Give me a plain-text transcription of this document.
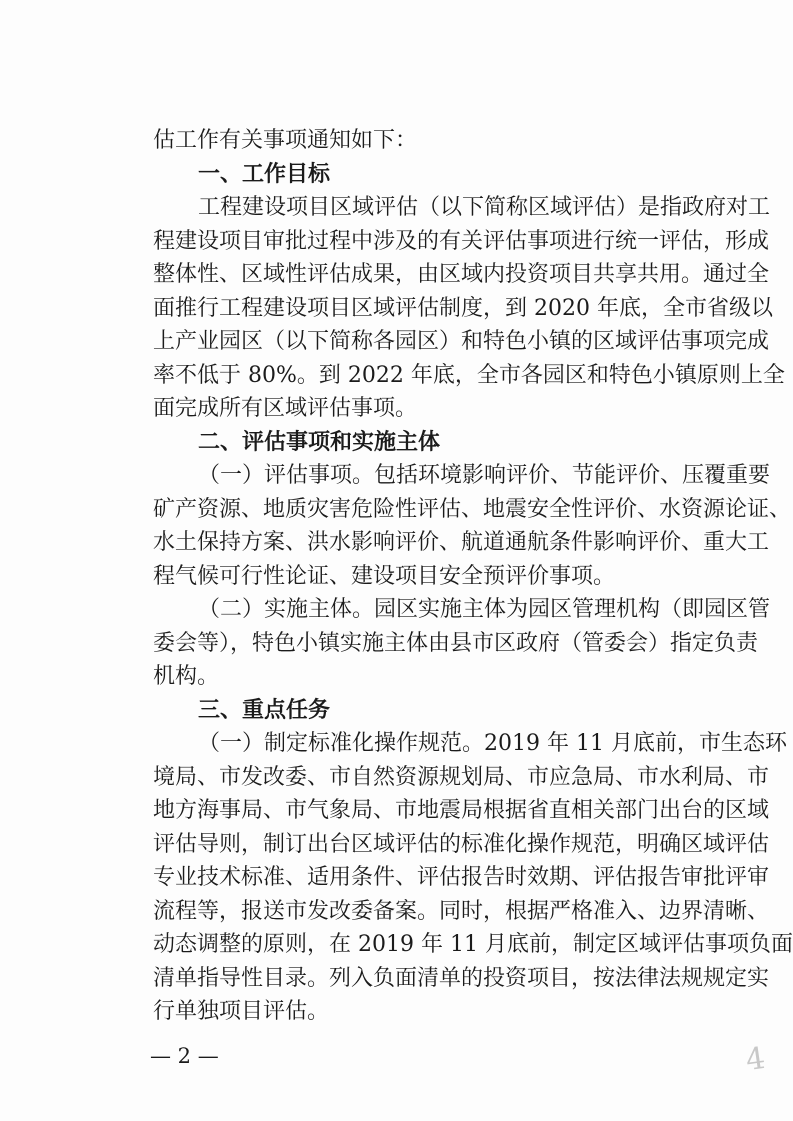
估工作有关事项通知如下：
一、工作目标
工程建设项目区域评估（以下简称区域评估）是指政府对工
程建设项目审批过程中涉及的有关评估事项进行统一评估，形成
整体性、区域性评估成果，由区域内投资项目共享共用。通过全
面推行工程建设项目区域评估制度，到 2020 年底，全市省级以
上产业园区（以下简称各园区）和特色小镇的区域评估事项完成
率不低于 80%。到 2022 年底，全市各园区和特色小镇原则上全
面完成所有区域评估事项。
二、评估事项和实施主体
（一）评估事项。包括环境影响评价、节能评价、压覆重要
矿产资源、地质灾害危险性评估、地震安全性评价、水资源论证、
水土保持方案、洪水影响评价、航道通航条件影响评价、重大工
程气候可行性论证、建设项目安全预评价事项。
（二）实施主体。园区实施主体为园区管理机构（即园区管
委会等），特色小镇实施主体由县市区政府（管委会）指定负责
机构。
三、重点任务
（一）制定标准化操作规范。2019 年 11 月底前，市生态环
境局、市发改委、市自然资源规划局、市应急局、市水利局、市
地方海事局、市气象局、市地震局根据省直相关部门出台的区域
评估导则，制订出台区域评估的标准化操作规范，明确区域评估
专业技术标准、适用条件、评估报告时效期、评估报告审批评审
流程等，报送市发改委备案。同时，根据严格准入、边界清晰、
动态调整的原则，在 2019 年 11 月底前，制定区域评估事项负面
清单指导性目录。列入负面清单的投资项目，按法律法规规定实
行单独项目评估。
— 2 —	4
